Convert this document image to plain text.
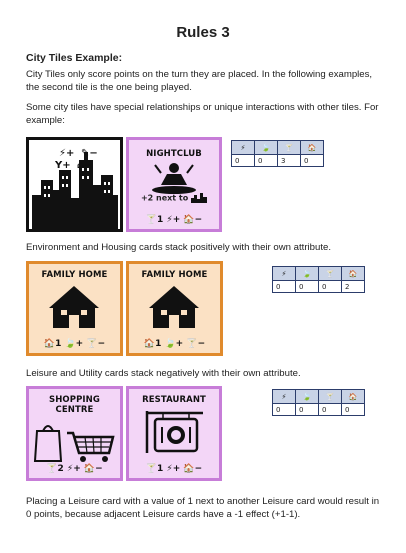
Rules 3
City Tiles Example:
City Tiles only score points on the turn they are placed. In the following examples, the second tile is the one being played.
Some city tiles have special relationships or unique interactions with other tiles. For example:
⚡+ ✎−
Y+ ⌂−
NIGHTCLUB
+2 next to
🍸1 ⚡+ 🏠−
⚡	🍃	🍸	🏠
0	0	3	0
Environment and Housing cards stack positively with their own attribute.
FAMILY HOME
🏠1 🍃+ 🍸−
FAMILY HOME
🏠1 🍃+ 🍸−
⚡	🍃	🍸	🏠
0	0	0	2
Leisure and Utility cards stack negatively with their own attribute.
SHOPPING CENTRE
🍸2 ⚡+ 🏠−
RESTAURANT
🍸1 ⚡+ 🏠−
⚡	🍃	🍸	🏠
0	0	0	0
Placing a Leisure card with a value of 1 next to another Leisure card would result in 0 points, because adjacent Leisure cards have a -1 effect (+1-1).
